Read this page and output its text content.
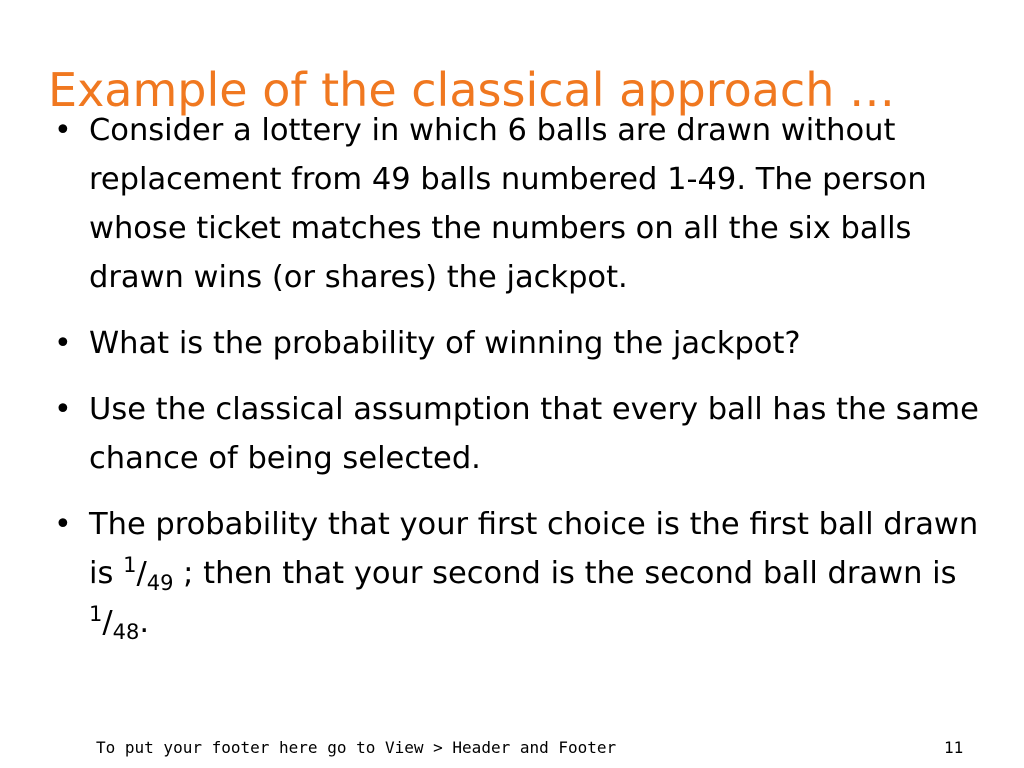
Example of the classical approach …
• Consider a lottery in which 6 balls are drawn without replacement from 49 balls numbered 1-49. The person whose ticket matches the numbers on all the six balls drawn wins (or shares) the jackpot.
• What is the probability of winning the jackpot?
• Use the classical assumption that every ball has the same chance of being selected.
• The probability that your first choice is the first ball drawn is $^1/_{49}$ ; then that your second is the second ball drawn is $^1/_{48}$.
To put your footer here go to View > Header and Footer	11
